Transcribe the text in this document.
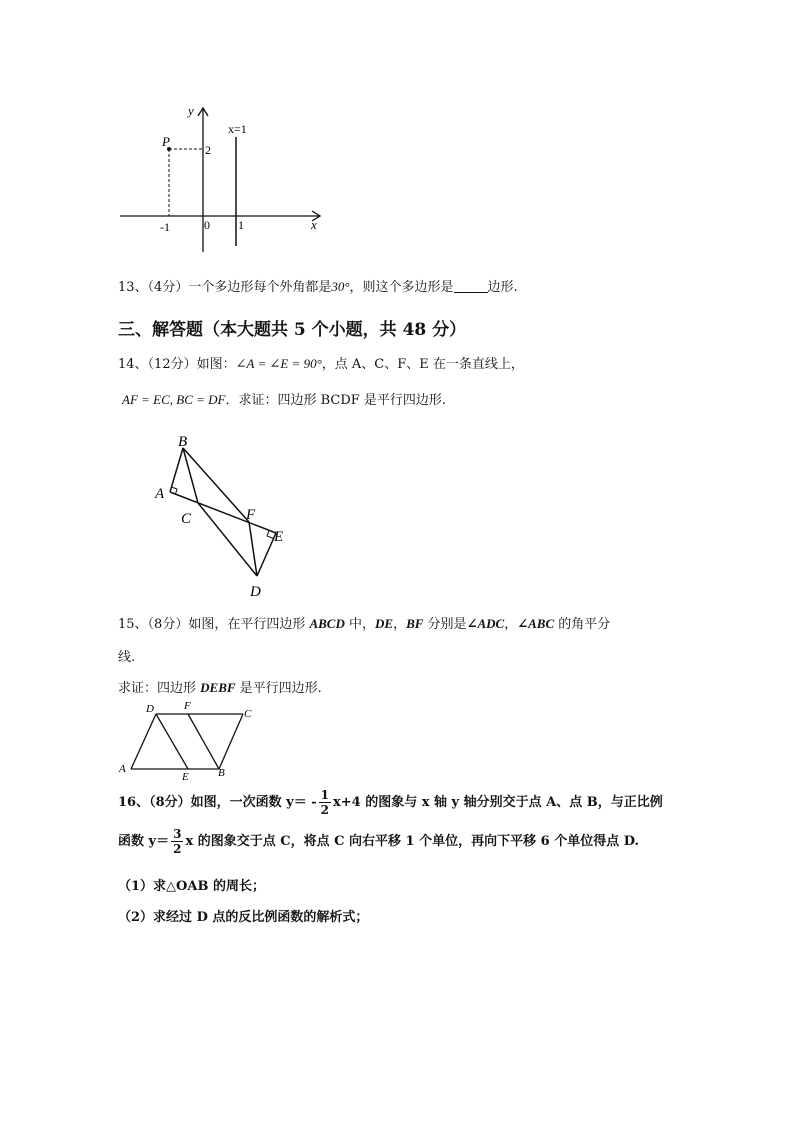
y
x
P
x=1
2
-1	0 1
13、（4分）一个多边形每个外角都是30°，则这个多边形是	边形.
三、解答题（本大题共 5 个小题，共 48 分）
14、（12分）如图：∠A = ∠E = 90°，点 A、C、F、E 在一条直线上，
AF = EC, BC = DF．求证：四边形 BCDF 是平行四边形.
B
A
C	F
E
D
15、（8分）如图，在平行四边形 ABCD 中，DE，BF 分别是∠ADC，∠ABC 的角平分
线.
求证：四边形 DEBF 是平行四边形.
D	F
C
A
E	B
16、（8分）如图，一次函数 $y= - \frac{1}{2} x+4$ 的图象与 x 轴 y 轴分别交于点 A、点 B，与正比例
函数 $y= \frac{3}{2}$ x 的图象交于点 C，将点 C 向右平移 1 个单位，再向下平移 6 个单位得点 D.
（1）求△OAB 的周长；
（2）求经过 D 点的反比例函数的解析式；
